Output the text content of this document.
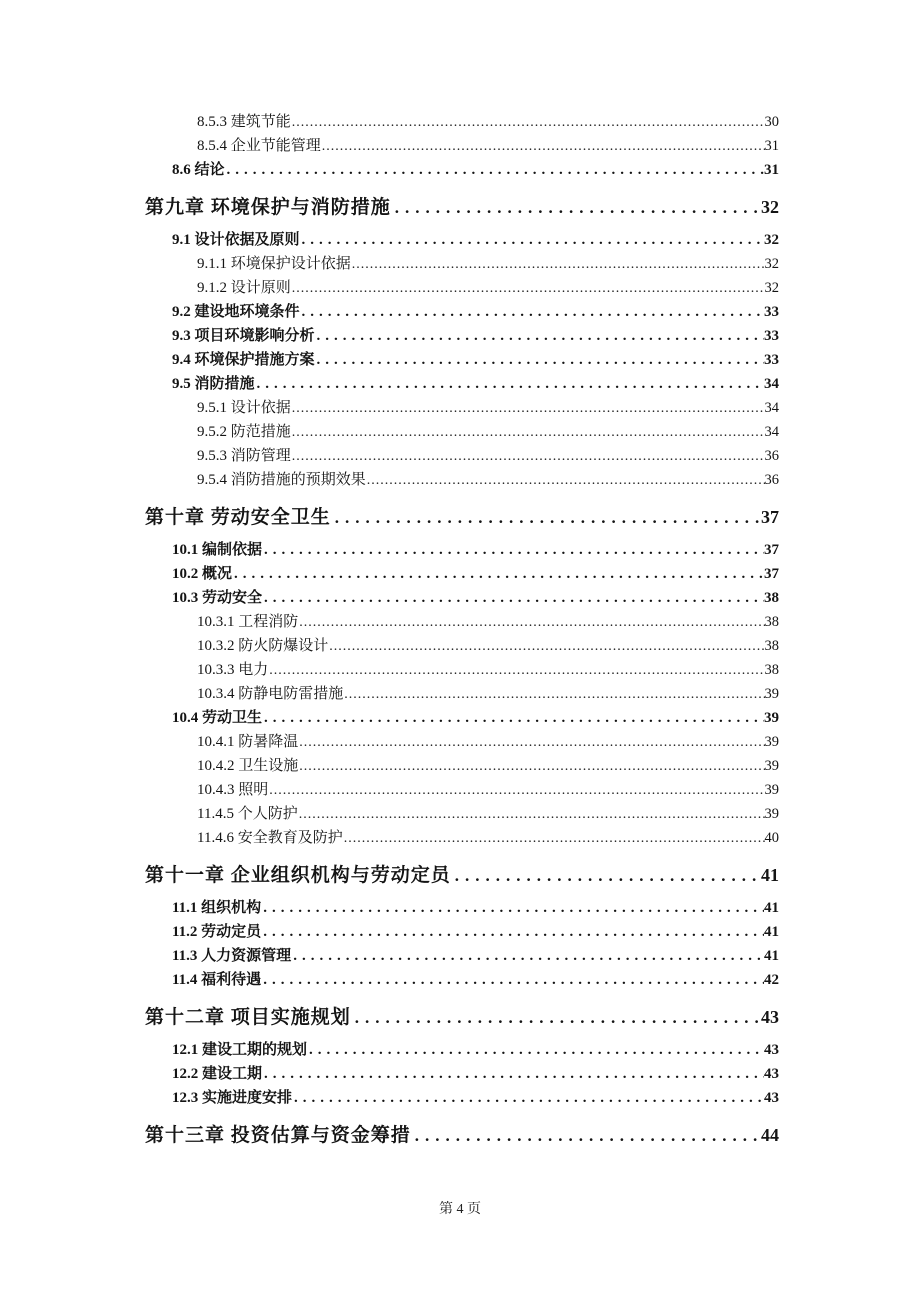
8.5.3 建筑节能 .....	30
8.5.4 企业节能管理 .....	31
8.6 结论 .....	31
第九章 环境保护与消防措施 .....	32
9.1 设计依据及原则 .....	32
9.1.1 环境保护设计依据 .....	32
9.1.2 设计原则 .....	32
9.2 建设地环境条件 .....	33
9.3 项目环境影响分析 .....	33
9.4 环境保护措施方案 .....	33
9.5 消防措施 .....	34
9.5.1 设计依据 .....	34
9.5.2 防范措施 .....	34
9.5.3 消防管理 .....	36
9.5.4 消防措施的预期效果 .....	36
第十章 劳动安全卫生 .....	37
10.1 编制依据 .....	37
10.2 概况 .....	37
10.3 劳动安全 .....	38
10.3.1 工程消防 .....	38
10.3.2 防火防爆设计 .....	38
10.3.3 电力 .....	38
10.3.4 防静电防雷措施 .....	39
10.4 劳动卫生 .....	39
10.4.1 防暑降温 .....	39
10.4.2 卫生设施 .....	39
10.4.3 照明 .....	39
11.4.5 个人防护 .....	39
11.4.6 安全教育及防护 .....	40
第十一章 企业组织机构与劳动定员 .....	41
11.1 组织机构 .....	41
11.2 劳动定员 .....	41
11.3 人力资源管理 .....	41
11.4 福利待遇 .....	42
第十二章 项目实施规划 .....	43
12.1 建设工期的规划 .....	43
12.2 建设工期 .....	43
12.3 实施进度安排 .....	43
第十三章 投资估算与资金筹措 .....	44
第 4 页
